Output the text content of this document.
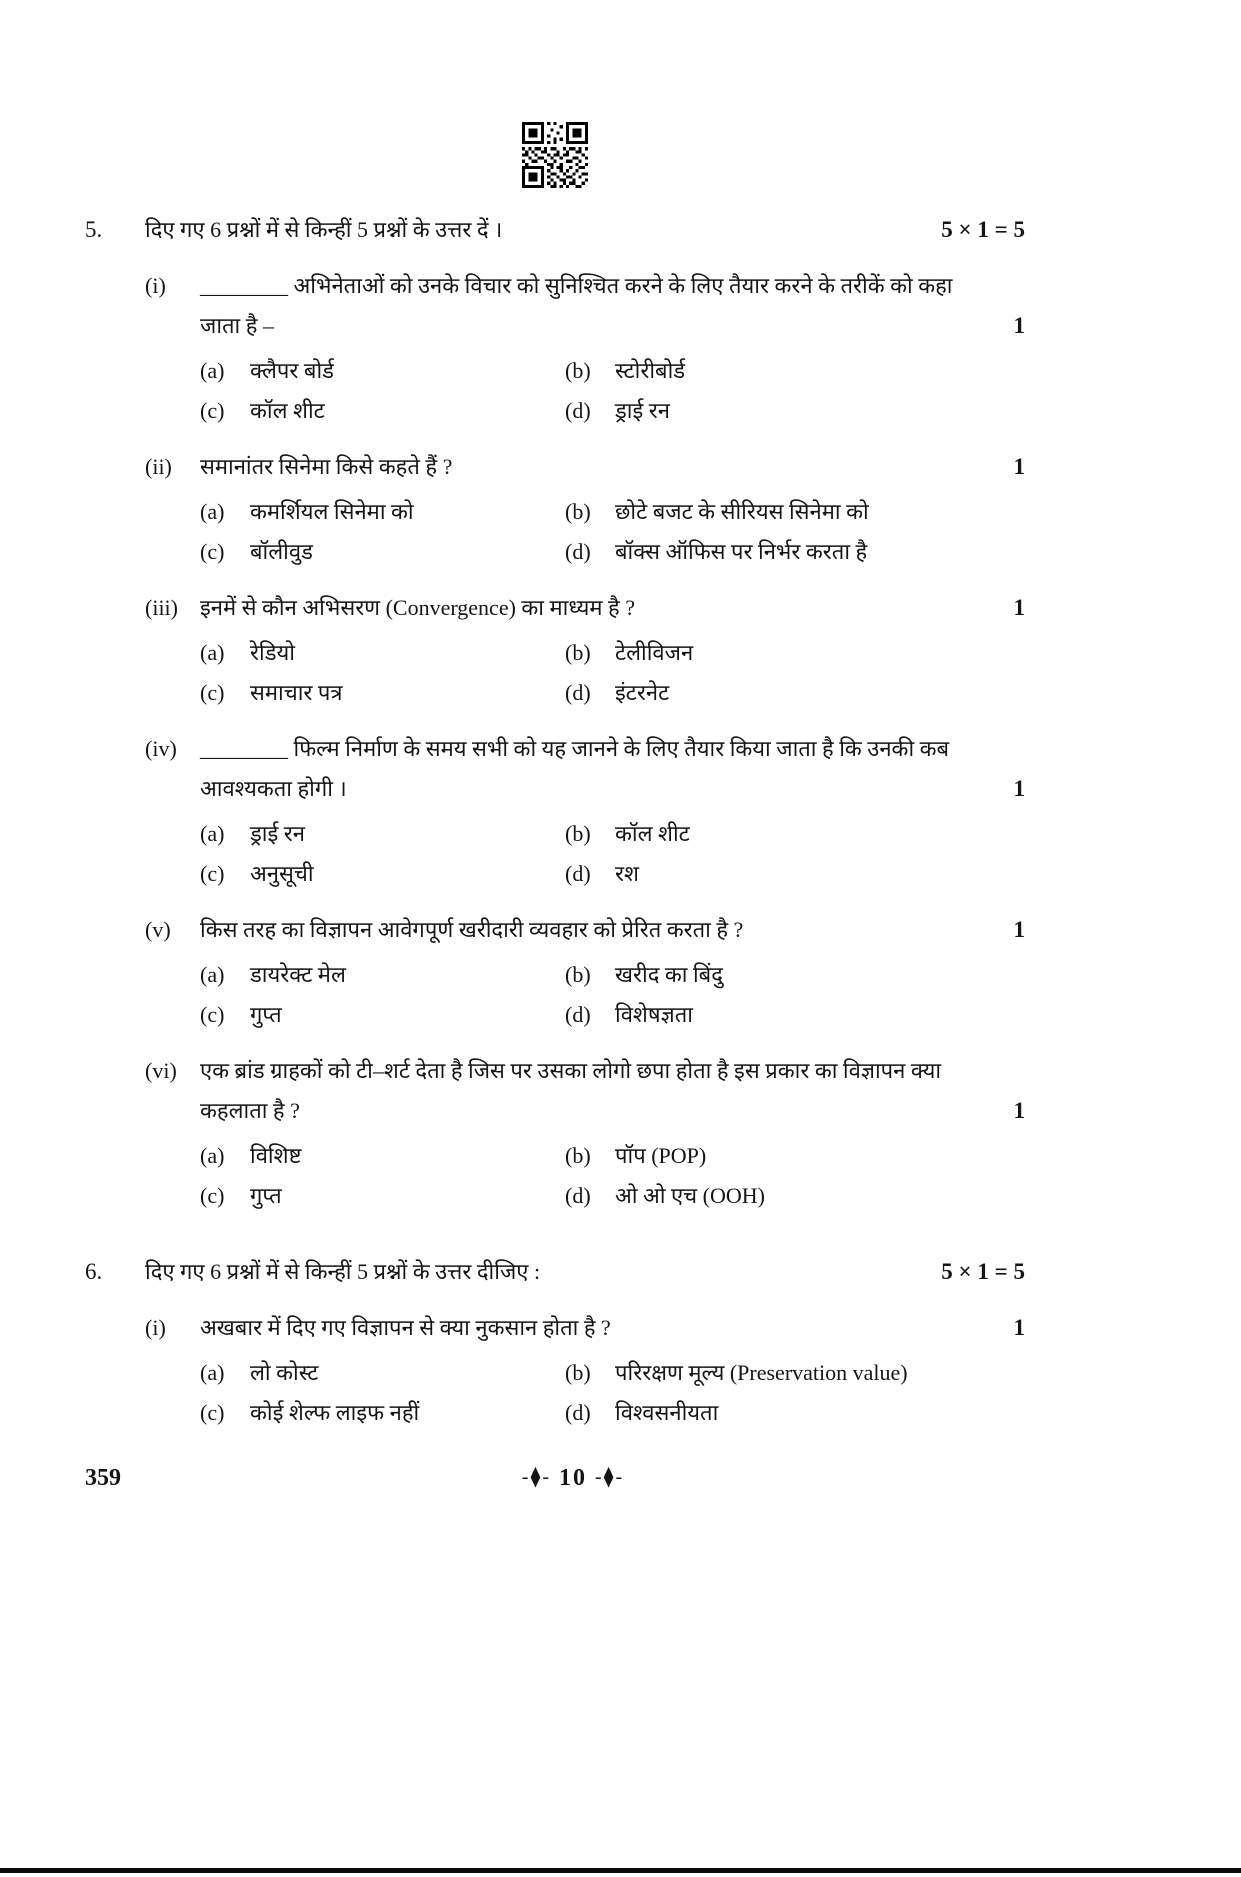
5.	दिए गए 6 प्रश्नों में से किन्हीं 5 प्रश्नों के उत्तर दें ।	5 × 1 = 5
(i)	________ अभिनेताओं को उनके विचार को सुनिश्चित करने के लिए तैयार करने के तरीकें को कहा जाता है –	1
(a)	क्लैपर बोर्ड	(b)	स्टोरीबोर्ड
(c)	कॉल शीट	(d)	ड्राई रन
(ii)	समानांतर सिनेमा किसे कहते हैं ?	1
(a)	कमर्शियल सिनेमा को	(b)	छोटे बजट के सीरियस सिनेमा को
(c)	बॉलीवुड	(d)	बॉक्स ऑफिस पर निर्भर करता है
(iii)	इनमें से कौन अभिसरण (Convergence) का माध्यम है ?	1
(a)	रेडियो	(b)	टेलीविजन
(c)	समाचार पत्र	(d)	इंटरनेट
(iv)	________ फिल्म निर्माण के समय सभी को यह जानने के लिए तैयार किया जाता है कि उनकी कब आवश्यकता होगी ।	1
(a)	ड्राई रन	(b)	कॉल शीट
(c)	अनुसूची	(d)	रश
(v)	किस तरह का विज्ञापन आवेगपूर्ण खरीदारी व्यवहार को प्रेरित करता है ?	1
(a)	डायरेक्ट मेल	(b)	खरीद का बिंदु
(c)	गुप्त	(d)	विशेषज्ञता
(vi)	एक ब्रांड ग्राहकों को टी–शर्ट देता है जिस पर उसका लोगो छपा होता है इस प्रकार का विज्ञापन क्या कहलाता है ?	1
(a)	विशिष्ट	(b)	पॉप (POP)
(c)	गुप्त	(d)	ओ ओ एच (OOH)
6.	दिए गए 6 प्रश्नों में से किन्हीं 5 प्रश्नों के उत्तर दीजिए :	5 × 1 = 5
(i)	अखबार में दिए गए विज्ञापन से क्या नुकसान होता है ?	1
(a)	लो कोस्ट	(b)	परिरक्षण मूल्य (Preservation value)
(c)	कोई शेल्फ लाइफ नहीं	(d)	विश्वसनीयता
359	-⧫- 10 -⧫-
